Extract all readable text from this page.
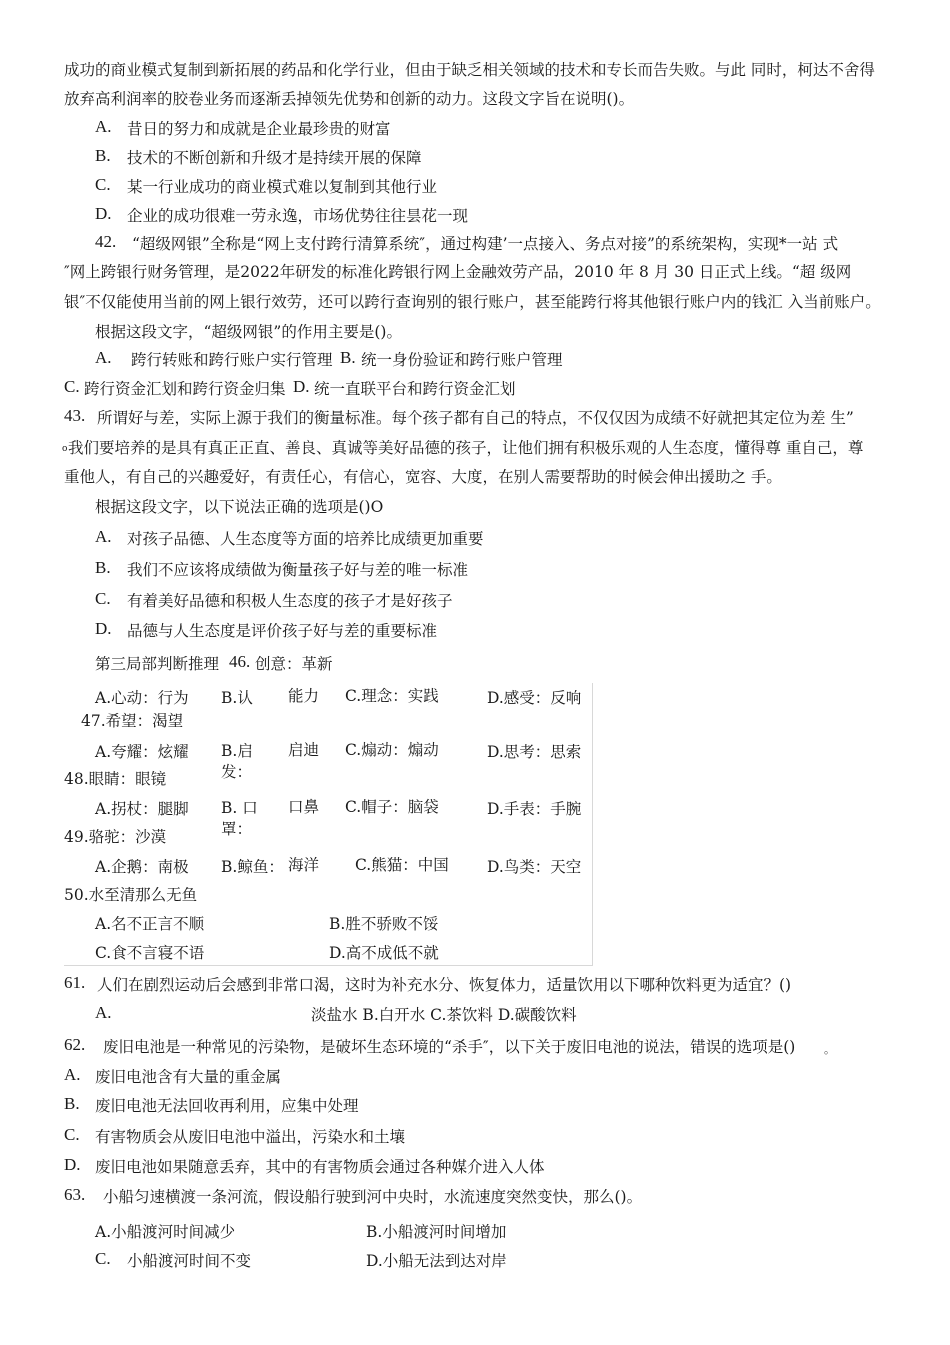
成功的商业模式复制到新拓展的药品和化学行业，但由于缺乏相关领域的技术和专长而告失败。与此 同时，柯达不舍得
放弃高利润率的胶卷业务而逐渐丢掉领先优势和创新的动力。这段文字旨在说明()。
A. 昔日的努力和成就是企业最珍贵的财富
B. 技术的不断创新和升级才是持续开展的保障
C. 某一行业成功的商业模式难以复制到其他行业
D. 企业的成功很难一劳永逸，市场优势往往昙花一现
42. “超级网银”全称是“网上支付跨行清算系统″，通过构建’一点接入、务点对接”的系统架构，实现*一站 式
″网上跨银行财务管理，是2022年研发的标准化跨银行网上金融效劳产品，2010 年 8 月 30 日正式上线。“超 级网
银″不仅能使用当前的网上银行效劳，还可以跨行查询别的银行账户，甚至能跨行将其他银行账户内的钱汇 入当前账户。
根据这段文字，“超级网银”的作用主要是()。
A. 跨行转账和跨行账户实行管理 B. 统一身份验证和跨行账户管理
C. 跨行资金汇划和跨行资金归集 D. 统一直联平台和跨行资金汇划
43. 所谓好与差，实际上源于我们的衡量标准。每个孩子都有自己的特点，不仅仅因为成绩不好就把其定位为差 生”
o 我们要培养的是具有真正正直、善良、真诚等美好品德的孩子，让他们拥有积极乐观的人生态度，懂得尊 重自己，尊
重他人，有自己的兴趣爱好，有责任心，有信心，宽容、大度，在别人需要帮助的时候会伸出援助之 手。
根据这段文字，以下说法正确的选项是()O
A. 对孩子品德、人生态度等方面的培养比成绩更加重要
B. 我们不应该将成绩做为衡量孩子好与差的唯一标准
C. 有着美好品德和积极人生态度的孩子才是好孩子
D. 品德与人生态度是评价孩子好与差的重要标准
第三局部判断推理 46. 创意：革新
A.心动：行为 B.认 能力 C.理念：实践	D.感受：反响
47.希望：渴望
A.夸耀：炫耀 B.启
发：
启迪 C.煽动：煽动	D.思考：思索
48.眼睛：眼镜
A.拐杖：腿脚 B. 口
罩：
口鼻 C.帽子：脑袋	D.手表：手腕
49.骆驼：沙漠
A.企鹅：南极 B.鲸鱼： 海洋 C.熊猫：中国 D.鸟类：天空
50.水至清那么无鱼
A.名不正言不顺	B.胜不骄败不馁
C.食不言寝不语	D.高不成低不就
61. 人们在剧烈运动后会感到非常口渴，这时为补充水分、恢复体力，适量饮用以下哪种饮料更为适宜？()
A.	淡盐水 B.白开水 C.茶饮料 D.碳酸饮料
62. 废旧电池是一种常见的污染物，是破坏生态环境的“杀手″，以下关于废旧电池的说法，错误的选项是()	。
A. 废旧电池含有大量的重金属
B. 废旧电池无法回收再利用，应集中处理
C. 有害物质会从废旧电池中溢出，污染水和土壤
D. 废旧电池如果随意丢弃，其中的有害物质会通过各种媒介进入人体
63. 小船匀速横渡一条河流，假设船行驶到河中央时，水流速度突然变快，那么()。
A.小船渡河时间减少	B.小船渡河时间增加
C. 小船渡河时间不变	D.小船无法到达对岸
